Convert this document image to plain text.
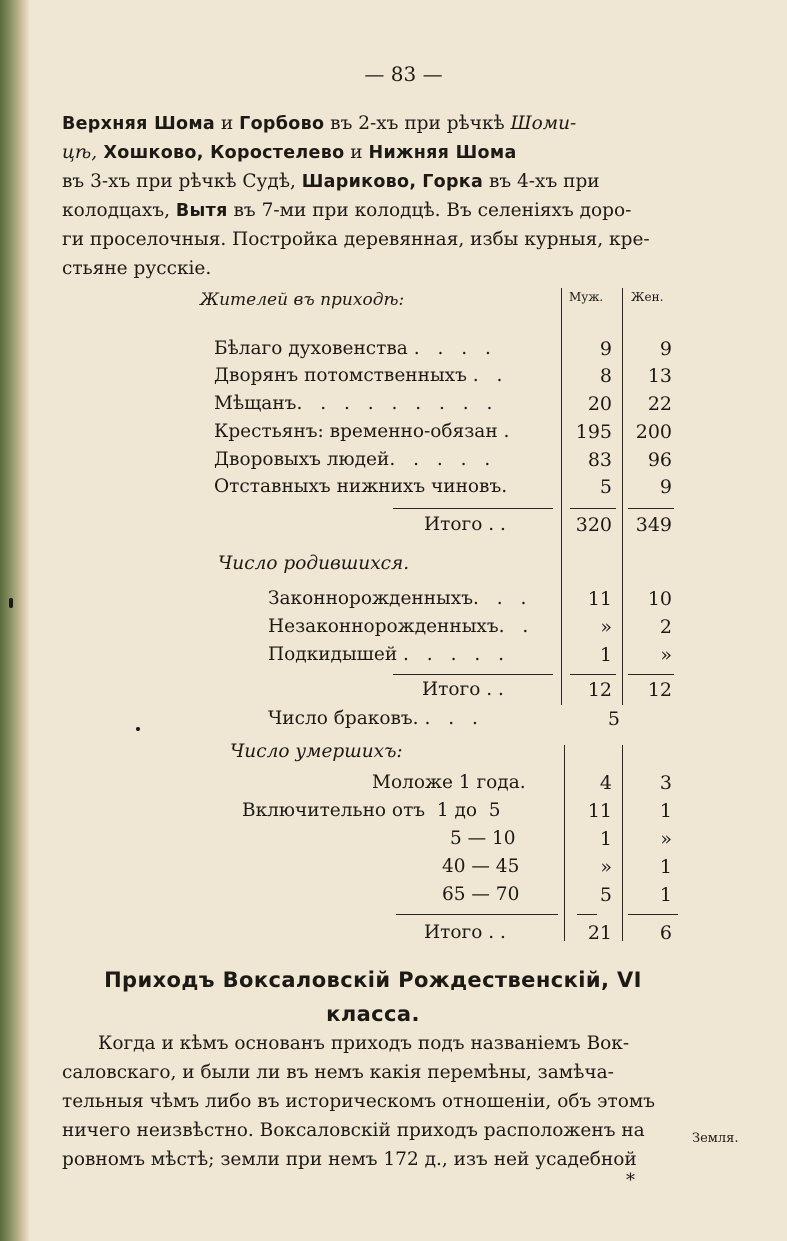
— 83 —

Верхняя Шома и Горбово въ 2-хъ при рѣчкѣ Шоми-

цѣ, Хошково, Коростелево и Нижняя Шома

въ 3-хъ при рѣчкѣ Судѣ, Шариково, Горка въ 4-хъ при

колодцахъ, Вытя въ 7-ми при колодцѣ. Въ селеніяхъ доро-

ги проселочныя. Постройка деревянная, избы курныя, кре-

стьяне русскіе.

Жителей въ приходѣ:	Муж. Жен.
Бѣлаго духовенства . . . .	9	9
Дворянъ потомственныхъ . .	8	13
Мѣщанъ. . . . . . . . .	20	22
Крестьянъ: временно-обязан .	195 200
Дворовыхъ людей. . . . .	83	96
Отставныхъ нижнихъ чиновъ.	5	9
Итого . .	320 349
Число родившихся.
Законнорожденныхъ. . .	11	10
Незаконнорожденныхъ. .	»	2
Подкидышей . . . . .	1	»
Итого . .	12	12
Число браковъ. . . .	5
Число умершихъ:
Моложе 1 года.	4	3
Включительно отъ  1 до  5	11	1
5 — 10	1	»
40 — 45	»	1
65 — 70	5	1
Итого . .	21	6
Приходъ Воксаловскій Рождественскій, VI
класса.

Когда и кѣмъ основанъ приходъ подъ названіемъ Вок-

саловскаго, и были ли въ немъ какія перемѣны, замѣча-

тельныя чѣмъ либо въ историческомъ отношеніи, объ этомъ

ничего неизвѣстно. Воксаловскій приходъ расположенъ на

ровномъ мѣстѣ; земли при немъ 172 д., изъ ней усадебной

Земля.
*
